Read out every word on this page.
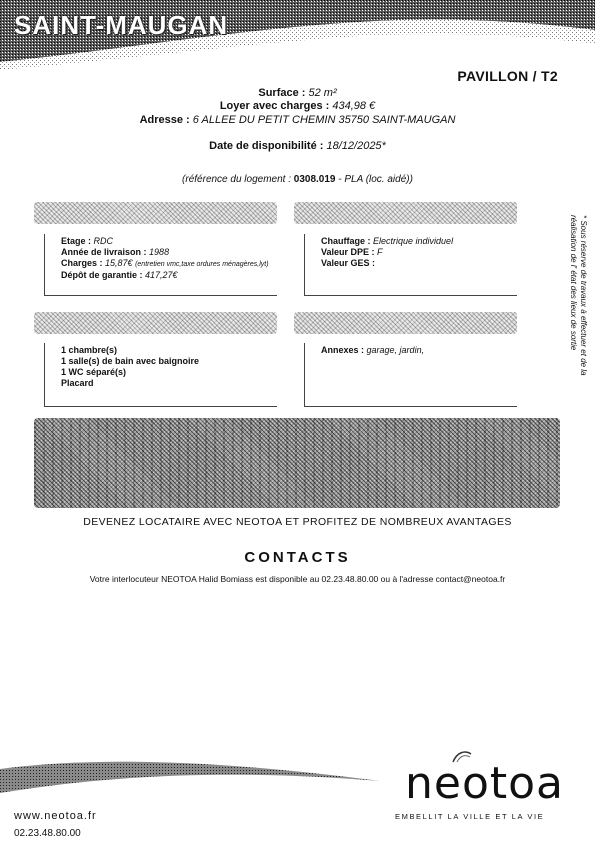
SAINT-MAUGAN
PAVILLON / T2
Surface : 52 m²
Loyer avec charges : 434,98 €
Adresse : 6 ALLEE DU PETIT CHEMIN 35750 SAINT-MAUGAN
Date de disponibilité : 18/12/2025*
(référence du logement : 0308.019 - PLA (loc. aidé))
Etage : RDC
Année de livraison : 1988
Charges : 15,87€ (entretien vmc,taxe ordures ménagères,lyt)
Dépôt de garantie : 417,27€
Chauffage : Electrique individuel
Valeur DPE : F
Valeur GES :
1 chambre(s)
1 salle(s) de bain avec baignoire
1 WC séparé(s)
Placard
Annexes : garage, jardin,	* Sous réserve de travaux à effectuer et de la réalisation de l' état des lieux de sortie
DEVENEZ LOCATAIRE AVEC NEOTOA ET PROFITEZ DE NOMBREUX AVANTAGES
CONTACTS
Votre interlocuteur NEOTOA Halid Bomiass est disponible au 02.23.48.80.00 ou à l'adresse contact@neotoa.fr
www.neotoa.fr
02.23.48.80.00
neotoa
EMBELLIT LA VILLE ET LA VIE
